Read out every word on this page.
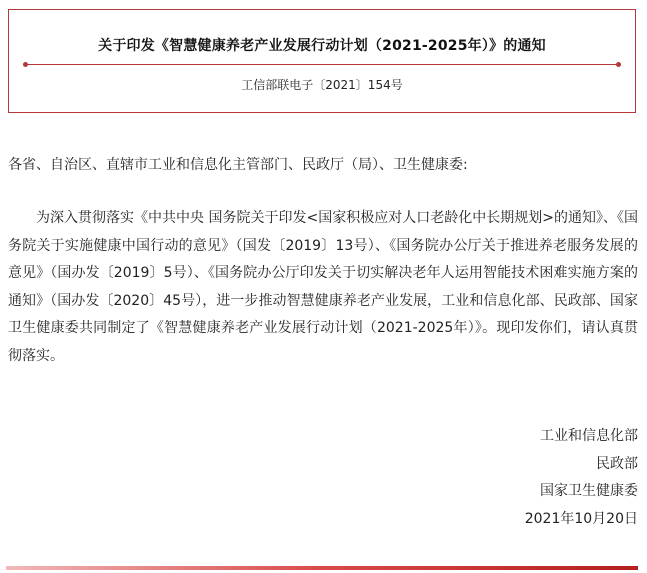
关于印发《智慧健康养老产业发展行动计划（2021-2025年）》的通知
工信部联电子〔2021〕154号
各省、自治区、直辖市工业和信息化主管部门、民政厅（局）、卫生健康委:

为深入贯彻落实《中共中央 国务院关于印发<国家积极应对人口老龄化中长期规划>的通知》、《国务院关于实施健康中国行动的意见》（国发〔2019〕13号）、《国务院办公厅关于推进养老服务发展的意见》（国办发〔2019〕5号）、《国务院办公厅印发关于切实解决老年人运用智能技术困难实施方案的通知》（国办发〔2020〕45号），进一步推动智慧健康养老产业发展，工业和信息化部、民政部、国家卫生健康委共同制定了《智慧健康养老产业发展行动计划（2021-2025年）》。现印发你们，请认真贯彻落实。

工业和信息化部
民政部
国家卫生健康委
2021年10月20日
